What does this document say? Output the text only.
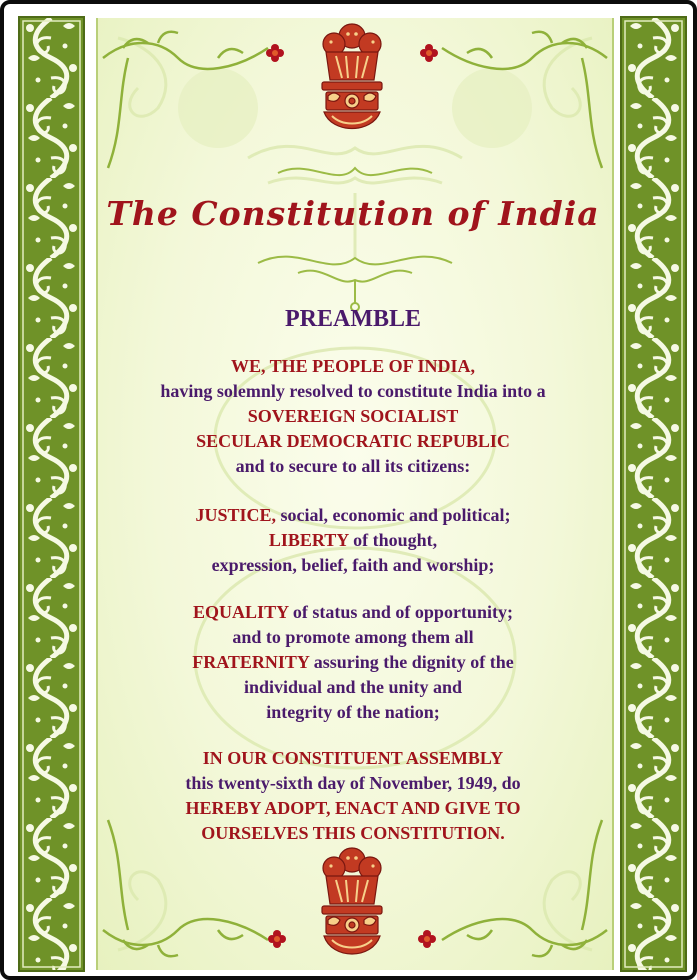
The Constitution of India
PREAMBLE
WE, THE PEOPLE OF INDIA,
having solemnly resolved to constitute India into a
SOVEREIGN SOCIALIST
SECULAR DEMOCRATIC REPUBLIC
and to secure to all its citizens:
JUSTICE, social, economic and political;
LIBERTY of thought,
expression, belief, faith and worship;
EQUALITY of status and of opportunity;
and to promote among them all
FRATERNITY assuring the dignity of the
individual and the unity and
integrity of the nation;
IN OUR CONSTITUENT ASSEMBLY
this twenty-sixth day of November, 1949, do
HEREBY ADOPT, ENACT AND GIVE TO
OURSELVES THIS CONSTITUTION.
